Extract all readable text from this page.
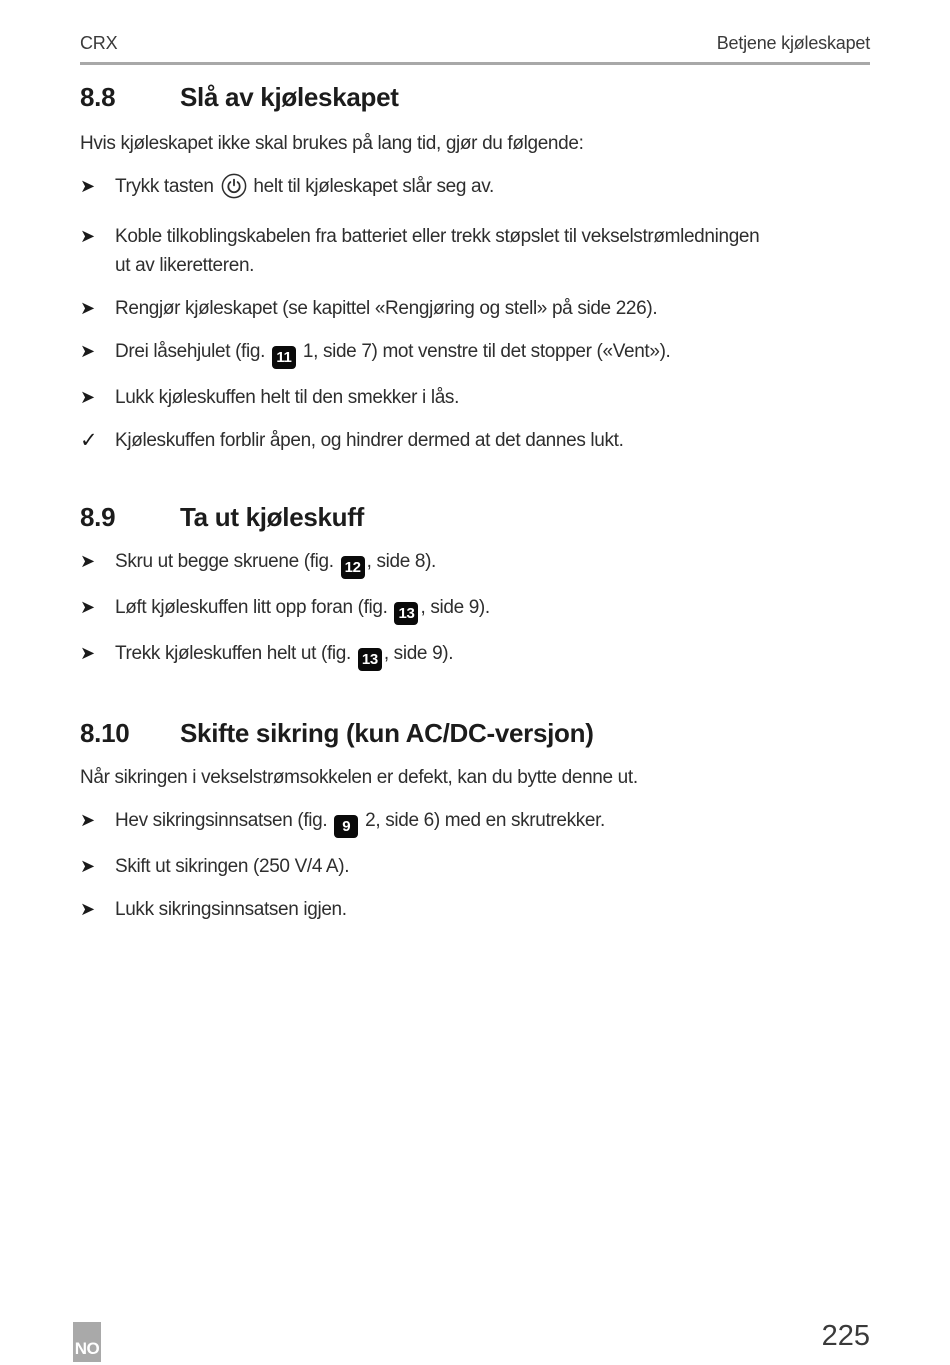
CRX	Betjene kjøleskapet
8.8	Slå av kjøleskapet

Hvis kjøleskapet ikke skal brukes på lang tid, gjør du følgende:

➤	Trykk tasten  helt til kjøleskapet slår seg av.
➤	Koble tilkoblingskabelen fra batteriet eller trekk støpslet til vekselstrømledningen
ut av likeretteren.
➤	Rengjør kjøleskapet (se kapittel «Rengjøring og stell» på side 226).
➤	Drei låsehjulet (fig. 11 1, side 7) mot venstre til det stopper («Vent»).
➤	Lukk kjøleskuffen helt til den smekker i lås.
✓ Kjøleskuffen forblir åpen, og hindrer dermed at det dannes lukt.
8.9	Ta ut kjøleskuff
➤	Skru ut begge skruene (fig. 12 , side 8).
➤	Løft kjøleskuffen litt opp foran (fig. 13 , side 9).
➤	Trekk kjøleskuffen helt ut (fig. 13 , side 9).
8.10	Skifte sikring (kun AC/DC-versjon)

Når sikringen i vekselstrømsokkelen er defekt, kan du bytte denne ut.

➤	Hev sikringsinnsatsen (fig. 9 2, side 6) med en skrutrekker.
➤	Skift ut sikringen (250 V/4 A).
➤	Lukk sikringsinnsatsen igjen.
NO	225
